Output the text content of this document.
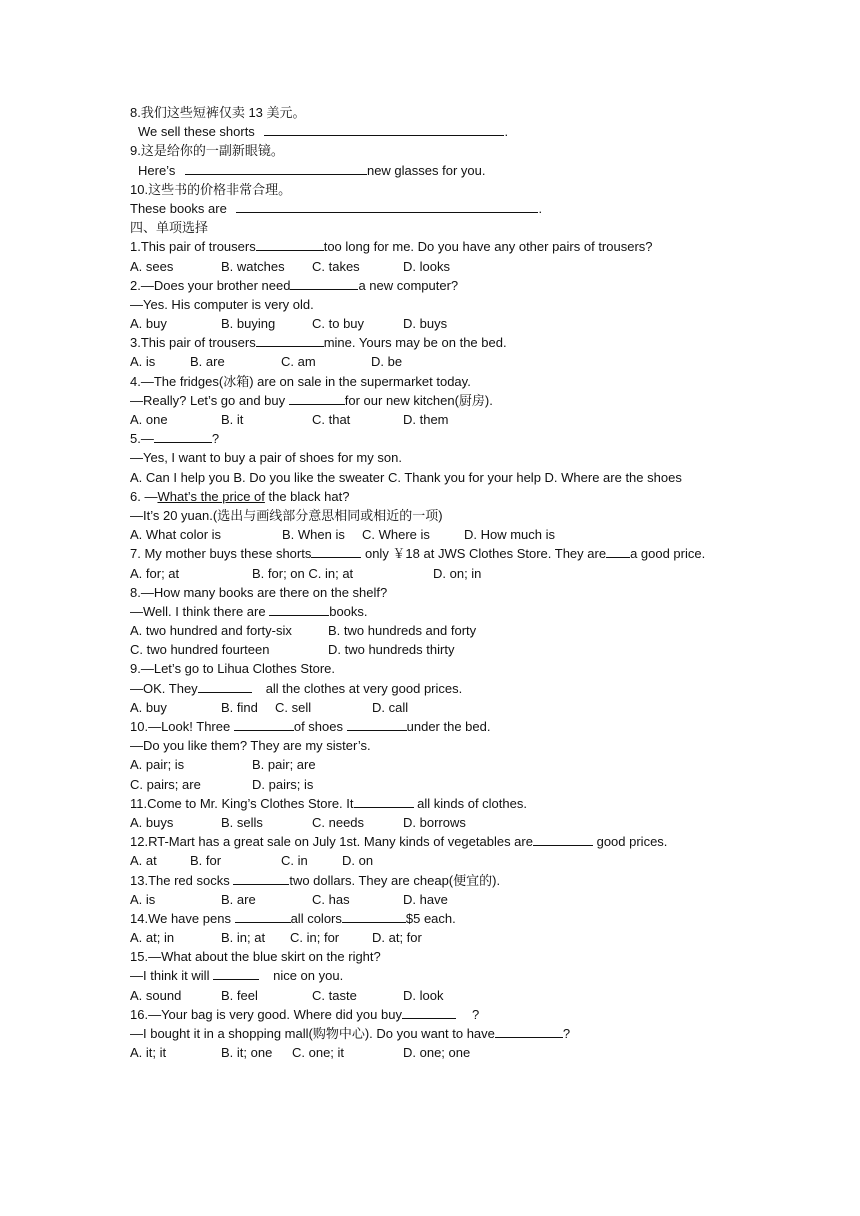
8.我们这些短裤仅卖 13 美元。
We sell these shorts	.
9.这是给你的一副新眼镜。
Here’s	new glasses for you.
10.这些书的价格非常合理。
These books are	.
四、单项选择
1.This pair of trousers	too long for me. Do you have any other pairs of trousers?
A. sees	B. watches C. takes	D. looks
2.—Does your brother need	a new computer?
—Yes. His computer is very old.
A. buy	B. buying	C. to buy	D. buys
3.This pair of trousers	mine. Yours may be on the bed.
A. is	B. are	C. am	D. be
4.—The fridges(冰箱) are on sale in the supermarket today.
—Really? Let’s go and buy	for our new kitchen(厨房).
A. one	B. it	C. that	D. them
5.—	?
—Yes, I want to buy a pair of shoes for my son.
A. Can I help you B. Do you like the sweater C. Thank you for your help D. Where are the shoes
6. —What’s the price of the black hat?
—It’s 20 yuan.(选出与画线部分意思相同或相近的一项)
A. What color is	B. When is C. Where is	D. How much is
7. My mother buys these shorts	only ￥18 at JWS Clothes Store. They are a good price.
A. for; at	B. for; on C. in; at	D. on; in
8.—How many books are there on the shelf?
—Well. I think there are	books.
A. two hundred and forty-six	B. two hundreds and forty
C. two hundred fourteen	D. two hundreds thirty
9.—Let’s go to Lihua Clothes Store.
—OK. They	all the clothes at very good prices.
A. buy	B. find C. sell	D. call
10.—Look! Three	of shoes	under the bed.
—Do you like them? They are my sister’s.
A. pair; is	B. pair; are
C. pairs; are	D. pairs; is
11.Come to Mr. King’s Clothes Store. It	all kinds of clothes.
A. buys	B. sells	C. needs	D. borrows
12.RT-Mart has a great sale on July 1st. Many kinds of vegetables are	good prices.
A. at	B. for	C. in	D. on
13.The red socks	two dollars. They are cheap(便宜的).
A. is	B. are	C. has	D. have
14.We have pens	all colors	$5 each.
A. at; in	B. in; at C. in; for	D. at; for
15.—What about the blue skirt on the right?
—I think it will	nice on you.
A. sound	B. feel	C. taste	D. look
16.—Your bag is very good. Where did you buy	?
—I bought it in a shopping mall(购物中心). Do you want to have	?
A. it; it	B. it; one C. one; it	D. one; one
